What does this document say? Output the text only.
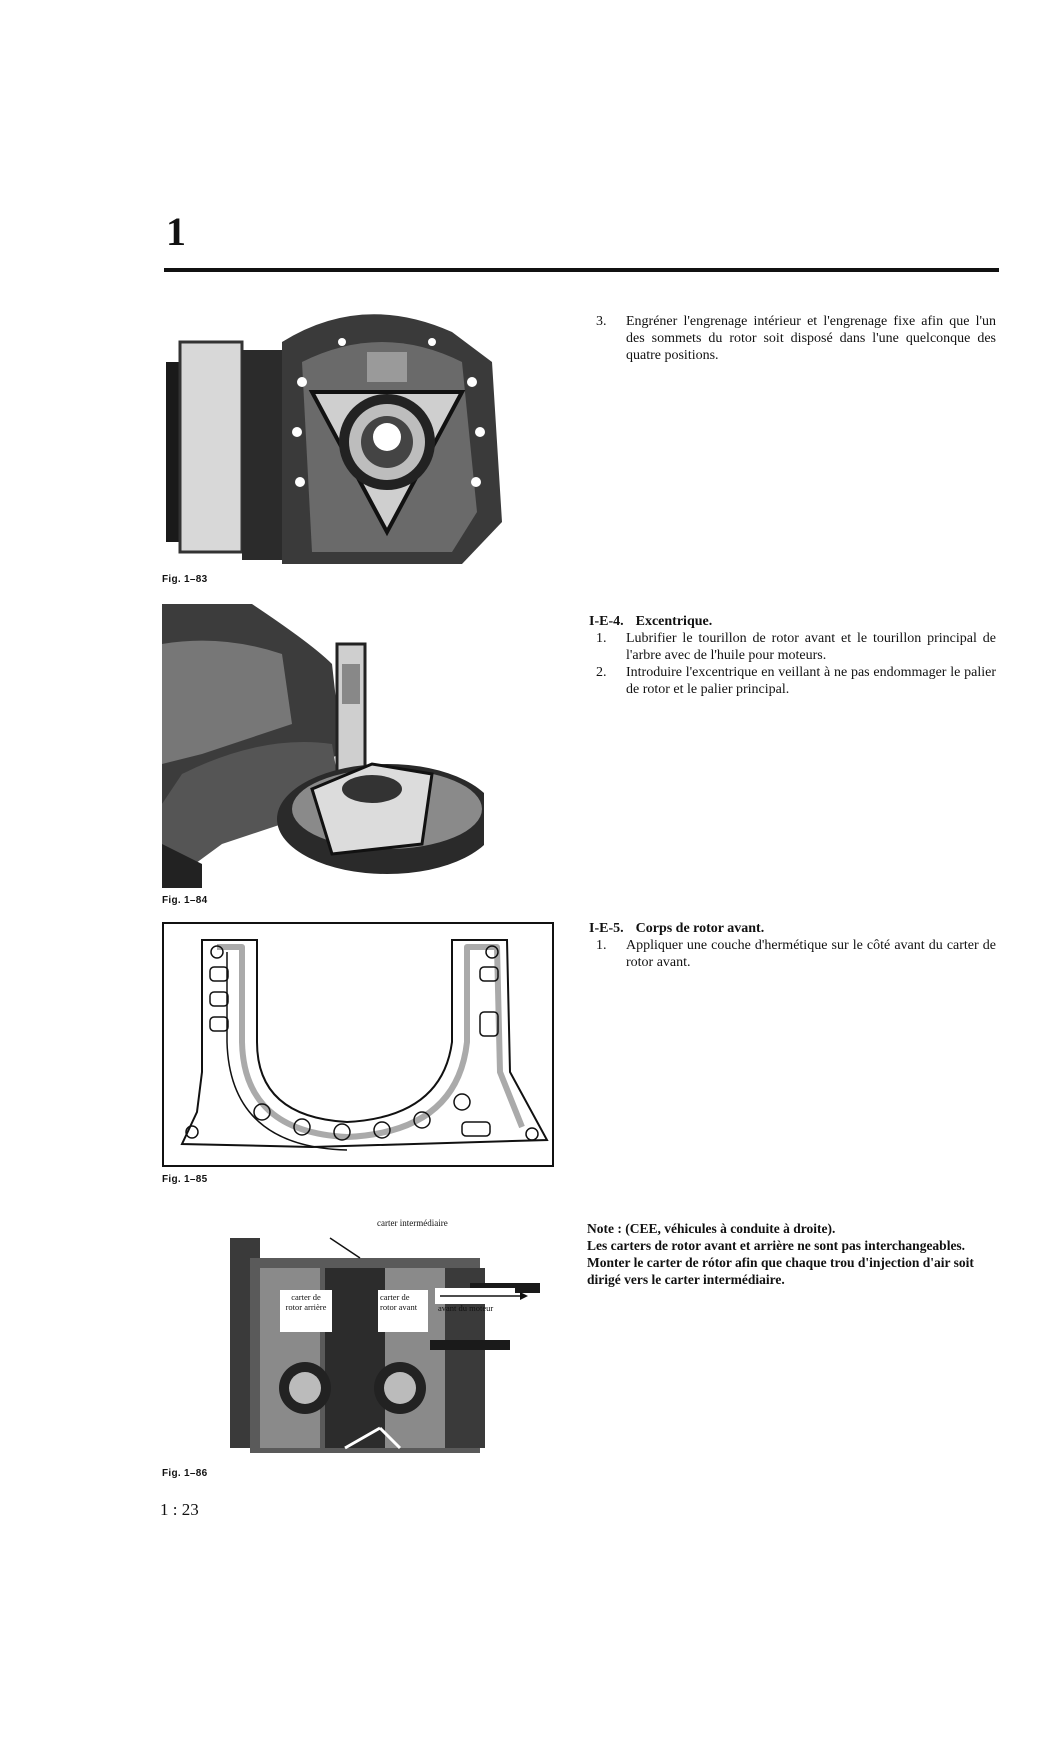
1
Fig. 1–83
Fig. 1–84
Fig. 1–85
carter intermédiaire
carter de rotor arrière
carter de rotor avant	avant du moteur
Fig. 1–86
3.	Engréner l'engrenage intérieur et l'engrenage fixe afin que l'un des sommets du rotor soit disposé dans l'une quelconque des quatre positions.
I-E-4. Excentrique.
1.	Lubrifier le tourillon de rotor avant et le tourillon principal de l'arbre avec de l'huile pour moteurs.
2.	Introduire l'excentrique en veillant à ne pas endommager le palier de rotor et le palier principal.
I-E-5. Corps de rotor avant.
1.	Appliquer une couche d'hermétique sur le côté avant du carter de rotor avant.
Note : (CEE, véhicules à conduite à droite).
Les carters de rotor avant et arrière ne sont pas interchangeables.
Monter le carter de rótor afin que chaque trou d'injection d'air soit dirigé vers le carter intermédiaire.
1 : 23
